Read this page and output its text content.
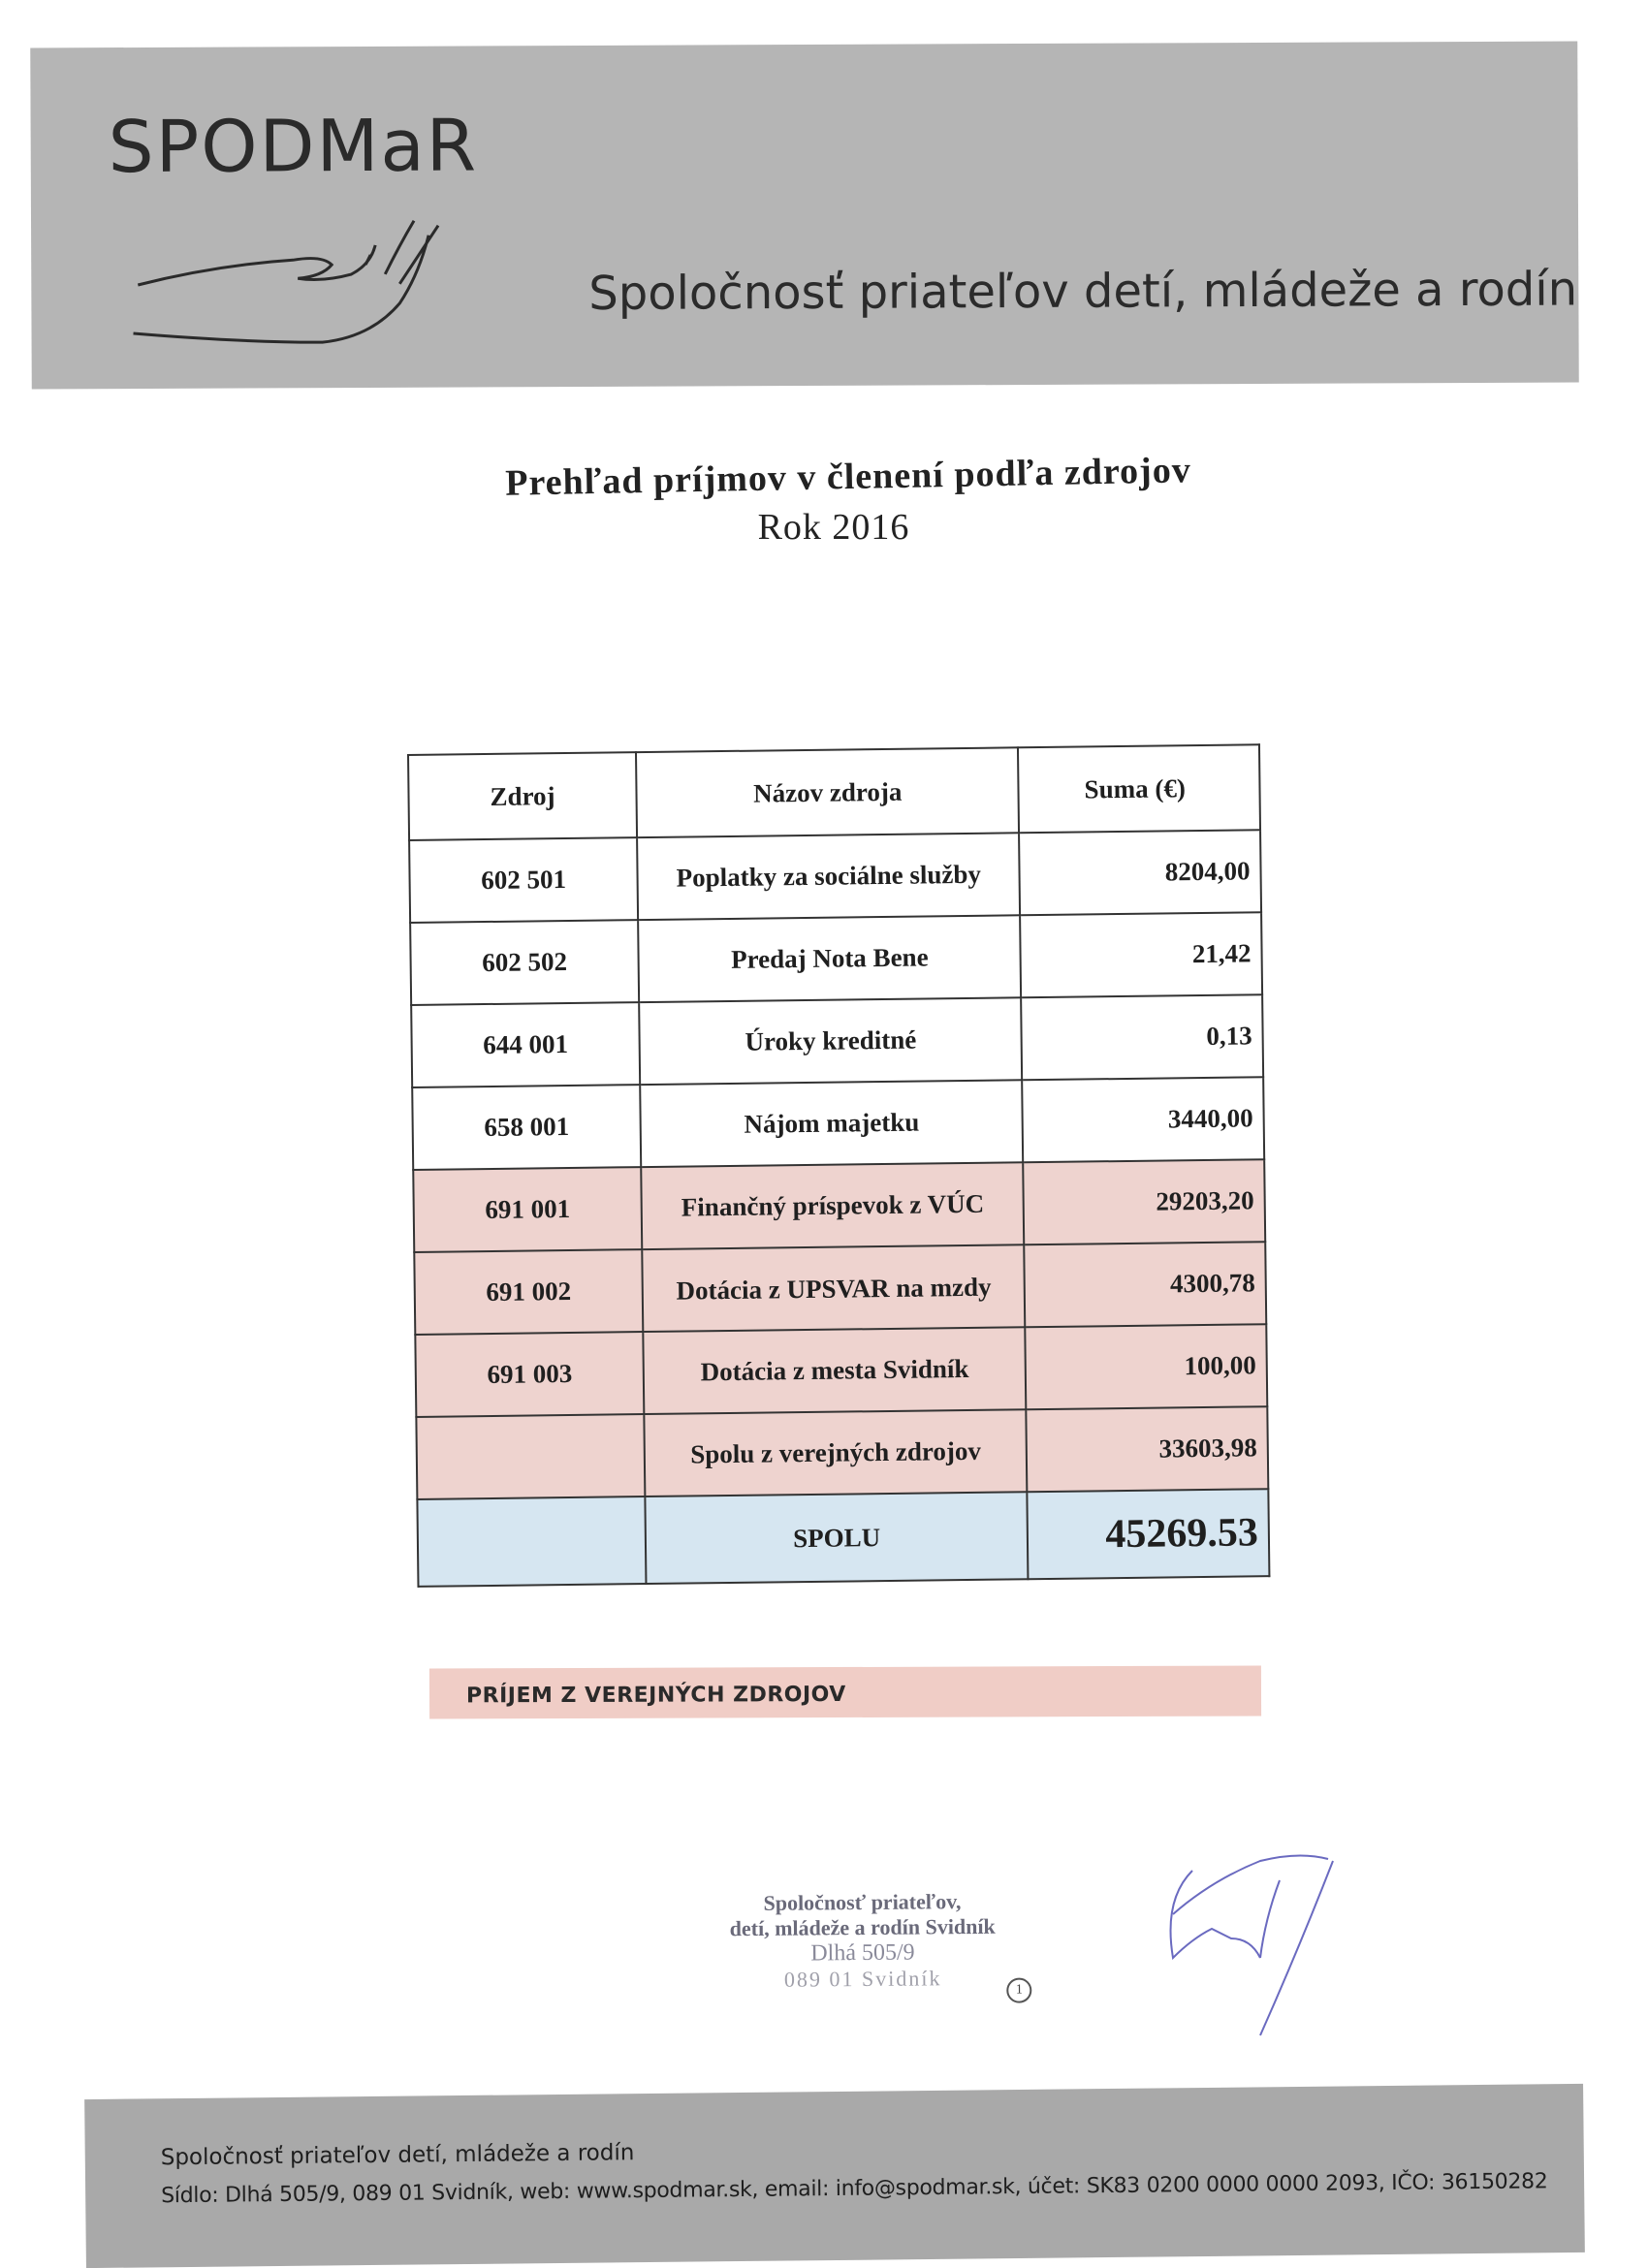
SPODMaR
Spoločnosť priateľov detí, mládeže a rodín
Prehľad príjmov v členení podľa zdrojov
Rok 2016
Zdroj	Názov zdroja	Suma (€)
602 501	Poplatky za sociálne služby	8204,00
602 502	Predaj Nota Bene	21,42
644 001	Úroky kreditné	0,13
658 001	Nájom majetku	3440,00
691 001	Finančný príspevok z VÚC	29203,20
691 002	Dotácia z UPSVAR na mzdy	4300,78
691 003	Dotácia z mesta Svidník	100,00
	Spolu z verejných zdrojov	33603,98
	SPOLU	45269.53
PRÍJEM Z VEREJNÝCH ZDROJOV
Spoločnosť priateľov,
detí, mládeže a rodín Svidník
Dlhá 505/9
089 01 Svidník	1
Spoločnosť priateľov detí, mládeže a rodín
Sídlo: Dlhá 505/9, 089 01 Svidník, web: www.spodmar.sk, email: info@spodmar.sk, účet: SK83 0200 0000 0000 2093, IČO: 36150282
